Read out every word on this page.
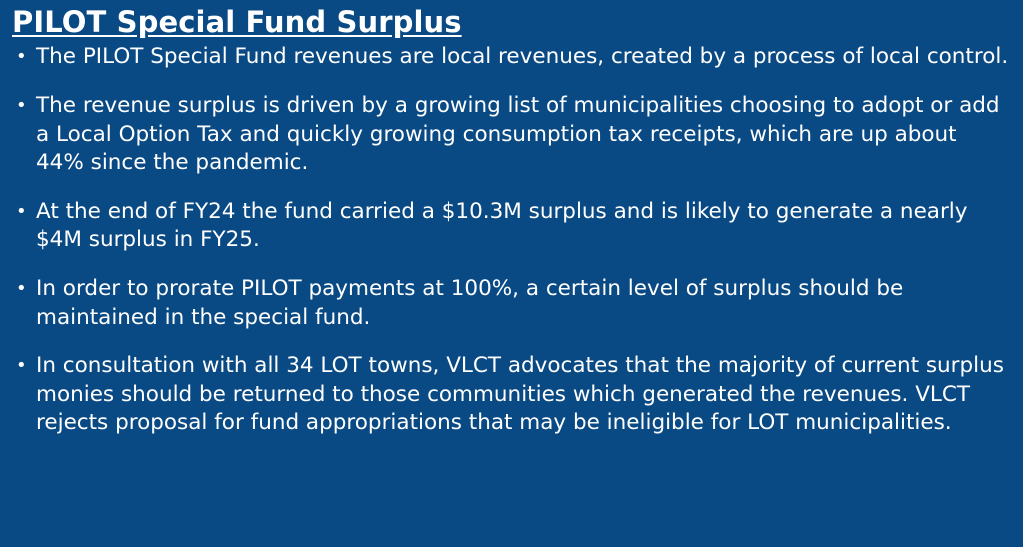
PILOT Special Fund Surplus
• The PILOT Special Fund revenues are local revenues, created by a process of local control.
• The revenue surplus is driven by a growing list of municipalities choosing to adopt or add a Local Option Tax and quickly growing consumption tax receipts, which are up about 44% since the pandemic.
• At the end of FY24 the fund carried a $10.3M surplus and is likely to generate a nearly $4M surplus in FY25.
• In order to prorate PILOT payments at 100%, a certain level of surplus should be maintained in the special fund.
• In consultation with all 34 LOT towns, VLCT advocates that the majority of current surplus monies should be returned to those communities which generated the revenues. VLCT rejects proposal for fund appropriations that may be ineligible for LOT municipalities.
